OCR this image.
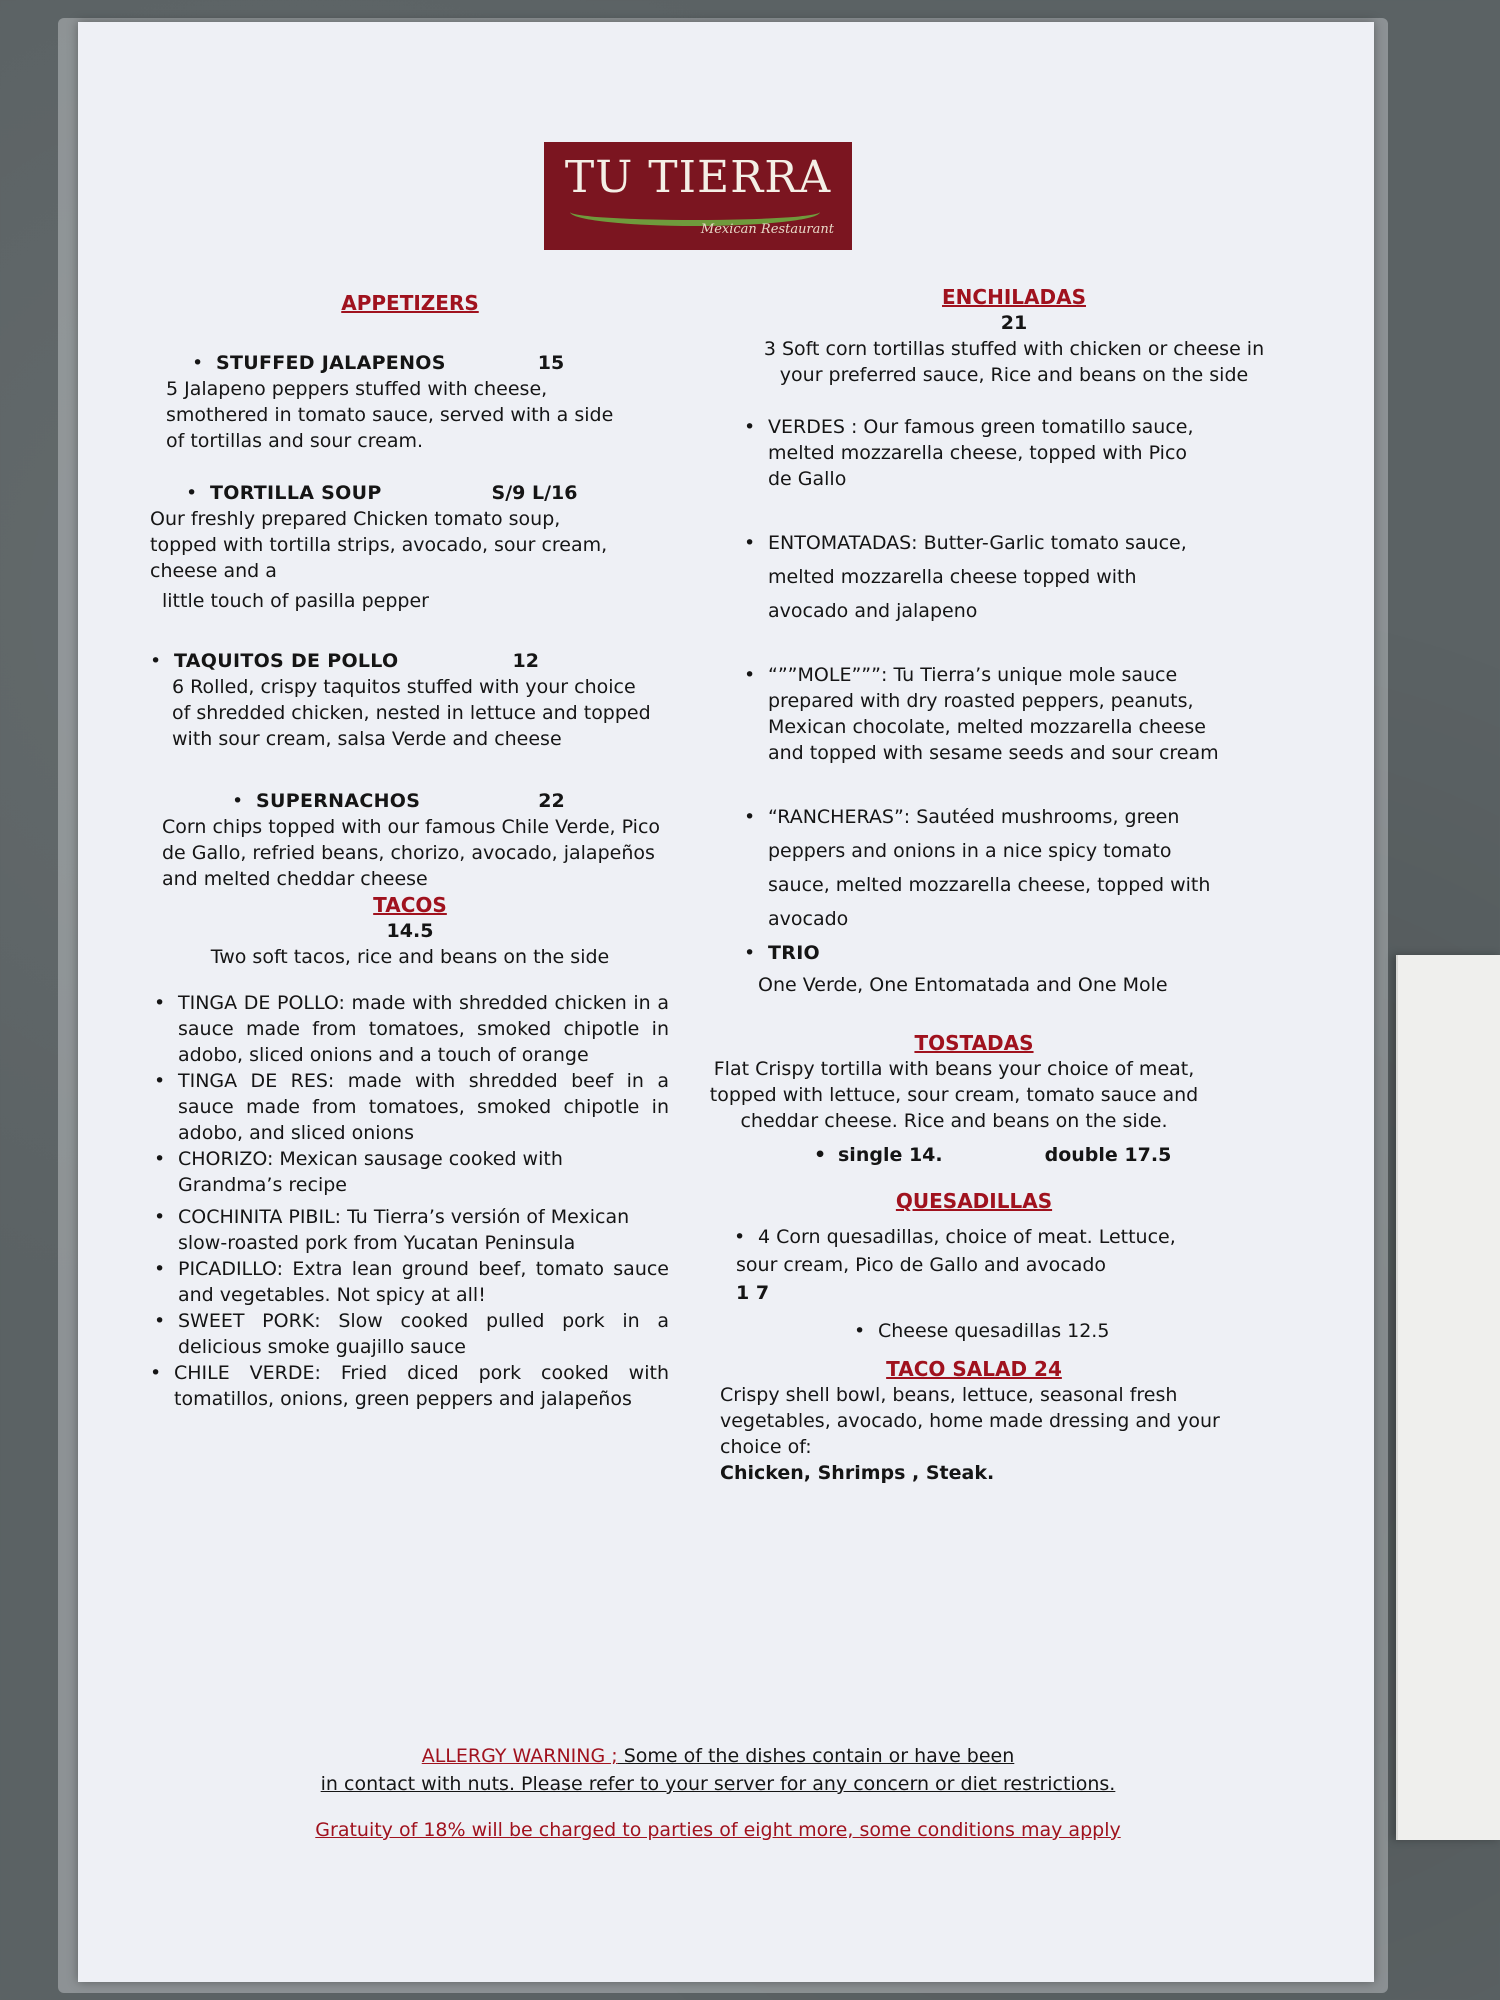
TU TIERRA
Mexican Restaurant
APPETIZERS
• STUFFED JALAPENOS	15

5 Jalapeno peppers stuffed with cheese, smothered in tomato sauce, served with a side of tortillas and sour cream.

• TORTILLA SOUP	S/9 L/16

Our freshly prepared Chicken tomato soup, topped with tortilla strips, avocado, sour cream, cheese and a

little touch of pasilla pepper

• TAQUITOS DE POLLO	12

6 Rolled, crispy taquitos stuffed with your choice of shredded chicken, nested in lettuce and topped with sour cream, salsa Verde and cheese

• SUPERNACHOS	22

Corn chips topped with our famous Chile Verde, Pico de Gallo, refried beans, chorizo, avocado, jalapeños and melted cheddar cheese

TACOS
14.5
Two soft tacos, rice and beans on the side
• TINGA DE POLLO: made with shredded chicken in a sauce made from tomatoes, smoked chipotle in adobo, sliced onions and a touch of orange
• TINGA DE RES: made with shredded beef in a sauce made from tomatoes, smoked chipotle in adobo, and sliced onions
• CHORIZO: Mexican sausage cooked with Grandma’s recipe
• COCHINITA PIBIL: Tu Tierra’s versión of Mexican slow-roasted pork from Yucatan Peninsula
• PICADILLO: Extra lean ground beef, tomato sauce and vegetables. Not spicy at all!
• SWEET PORK: Slow cooked pulled pork in a delicious smoke guajillo sauce
• CHILE VERDE: Fried diced pork cooked with tomatillos, onions, green peppers and jalapeños
ENCHILADAS
21
3 Soft corn tortillas stuffed with chicken or cheese in your preferred sauce, Rice and beans on the side
• VERDES : Our famous green tomatillo sauce, melted mozzarella cheese, topped with Pico de Gallo
• ENTOMATADAS: Butter-Garlic tomato sauce, melted mozzarella cheese topped with avocado and jalapeno
• “””MOLE”””: Tu Tierra’s unique mole sauce prepared with dry roasted peppers, peanuts, Mexican chocolate, melted mozzarella cheese and topped with sesame seeds and sour cream
• “RANCHERAS”: Sautéed mushrooms, green peppers and onions in a nice spicy tomato sauce, melted mozzarella cheese, topped with avocado
• TRIO
One Verde, One Entomatada and One Mole
TOSTADAS
Flat Crispy tortilla with beans your choice of meat, topped with lettuce, sour cream, tomato sauce and cheddar cheese. Rice and beans on the side.
• single 14.	double 17.5
QUESADILLAS
• 4 Corn quesadillas, choice of meat. Lettuce,
sour cream, Pico de Gallo and avocado
1 7
• Cheese quesadillas 12.5
TACO SALAD 24
Crispy shell bowl, beans, lettuce, seasonal fresh vegetables, avocado, home made dressing and your choice of:
Chicken, Shrimps , Steak.
ALLERGY WARNING ; Some of the dishes contain or have been
in contact with nuts. Please refer to your server for any concern or diet restrictions.
Gratuity of 18% will be charged to parties of eight more, some conditions may apply
